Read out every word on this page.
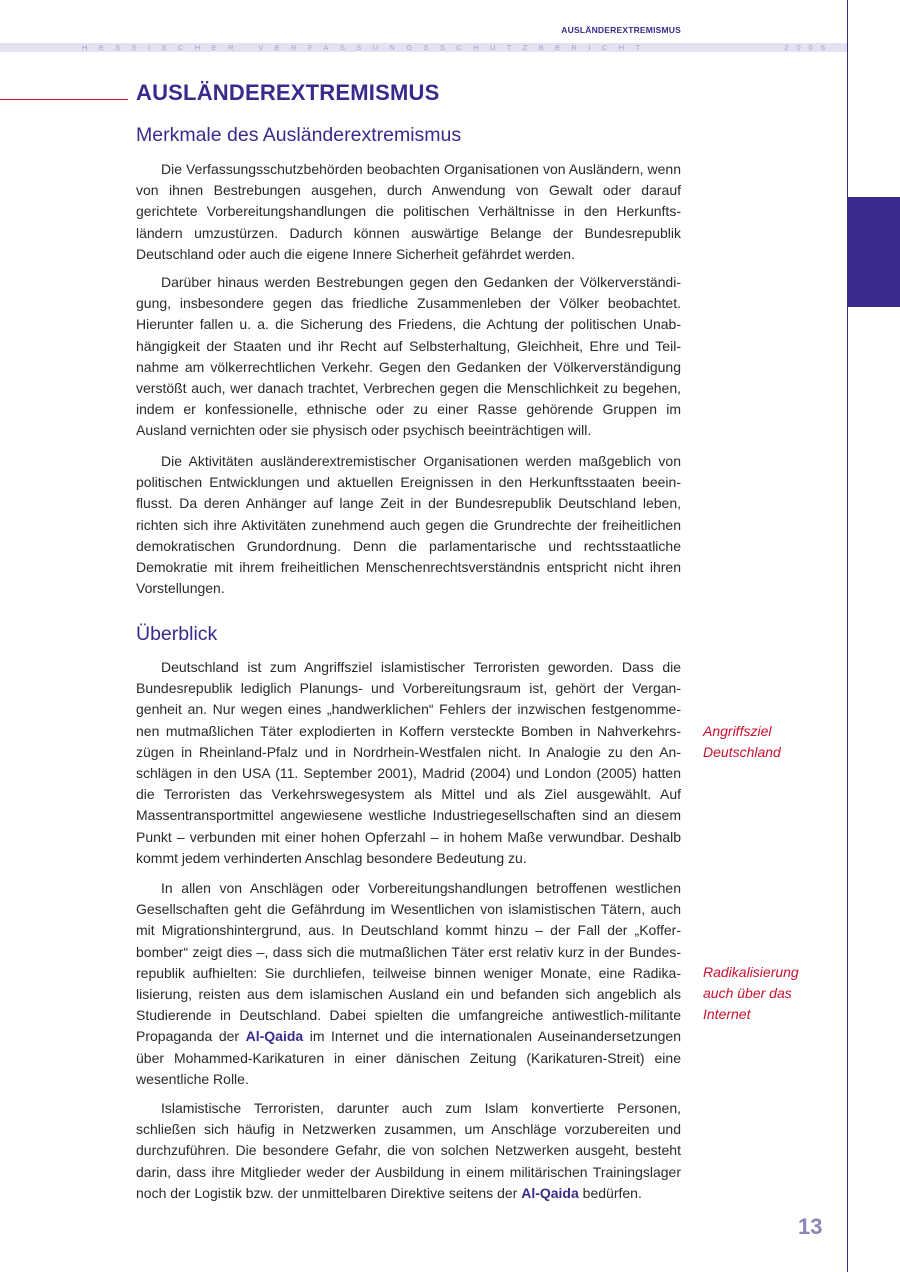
AUSLÄNDEREXTREMISMUS
HESSISCHER VERFASSUNGSSCHUTZBERICHT	2006
AUSLÄNDEREXTREMISMUS
Merkmale des Ausländerextremismus

Die Verfassungsschutzbehörden beobachten Organisationen von Ausländern, wenn von ihnen Bestrebungen ausgehen, durch Anwendung von Gewalt oder darauf gerichtete Vorbereitungshandlungen die politischen Verhältnisse in den Herkunftsländern umzustürzen. Dadurch können auswärtige Belange der Bundesrepublik Deutschland oder auch die eigene Innere Sicherheit gefährdet werden.

Darüber hinaus werden Bestrebungen gegen den Gedanken der Völkerverständigung, insbesondere gegen das friedliche Zusammenleben der Völker beobachtet. Hierunter fallen u. a. die Sicherung des Friedens, die Achtung der politischen Unabhängigkeit der Staaten und ihr Recht auf Selbsterhaltung, Gleichheit, Ehre und Teilnahme am völkerrechtlichen Verkehr. Gegen den Gedanken der Völkerverständigung verstößt auch, wer danach trachtet, Verbrechen gegen die Menschlichkeit zu begehen, indem er konfessionelle, ethnische oder zu einer Rasse gehörende Gruppen im Ausland vernichten oder sie physisch oder psychisch beeinträchtigen will.

Die Aktivitäten ausländerextremistischer Organisationen werden maßgeblich von politischen Entwicklungen und aktuellen Ereignissen in den Herkunftsstaaten beeinflusst. Da deren Anhänger auf lange Zeit in der Bundesrepublik Deutschland leben, richten sich ihre Aktivitäten zunehmend auch gegen die Grundrechte der freiheitlichen demokratischen Grundordnung. Denn die parlamentarische und rechtsstaatliche Demokratie mit ihrem freiheitlichen Menschenrechtsverständnis entspricht nicht ihren Vorstellungen.

Überblick

Deutschland ist zum Angriffsziel islamistischer Terroristen geworden. Dass die Bundesrepublik lediglich Planungs- und Vorbereitungsraum ist, gehört der Vergangenheit an. Nur wegen eines „handwerklichen“ Fehlers der inzwischen festgenommenen mutmaßlichen Täter explodierten in Koffern versteckte Bomben in Nahverkehrszügen in Rheinland-Pfalz und in Nordrhein-Westfalen nicht. In Analogie zu den Anschlägen in den USA (11. September 2001), Madrid (2004) und London (2005) hatten die Terroristen das Verkehrswegesystem als Mittel und als Ziel ausgewählt. Auf Massentransportmittel angewiesene westliche Industriegesellschaften sind an diesem Punkt – verbunden mit einer hohen Opferzahl – in hohem Maße verwundbar. Deshalb kommt jedem verhinderten Anschlag besondere Bedeutung zu.

In allen von Anschlägen oder Vorbereitungshandlungen betroffenen westlichen Gesellschaften geht die Gefährdung im Wesentlichen von islamistischen Tätern, auch mit Migrationshintergrund, aus. In Deutschland kommt hinzu – der Fall der „Kofferbomber“ zeigt dies –, dass sich die mutmaßlichen Täter erst relativ kurz in der Bundesrepublik aufhielten: Sie durchliefen, teilweise binnen weniger Monate, eine Radikalisierung, reisten aus dem islamischen Ausland ein und befanden sich angeblich als Studierende in Deutschland. Dabei spielten die umfangreiche antiwestlich-militante Propaganda der Al-Qaida im Internet und die internationalen Auseinandersetzungen über Mohammed-Karikaturen in einer dänischen Zeitung (Karikaturen-Streit) eine wesentliche Rolle.

Islamistische Terroristen, darunter auch zum Islam konvertierte Personen, schließen sich häufig in Netzwerken zusammen, um Anschläge vorzubereiten und durchzuführen. Die besondere Gefahr, die von solchen Netzwerken ausgeht, besteht darin, dass ihre Mitglieder weder der Ausbildung in einem militärischen Trainingslager noch der Logistik bzw. der unmittelbaren Direktive seitens der Al-Qaida bedürfen.

Angriffsziel
Deutschland
Radikalisierung
auch über das
Internet
13
